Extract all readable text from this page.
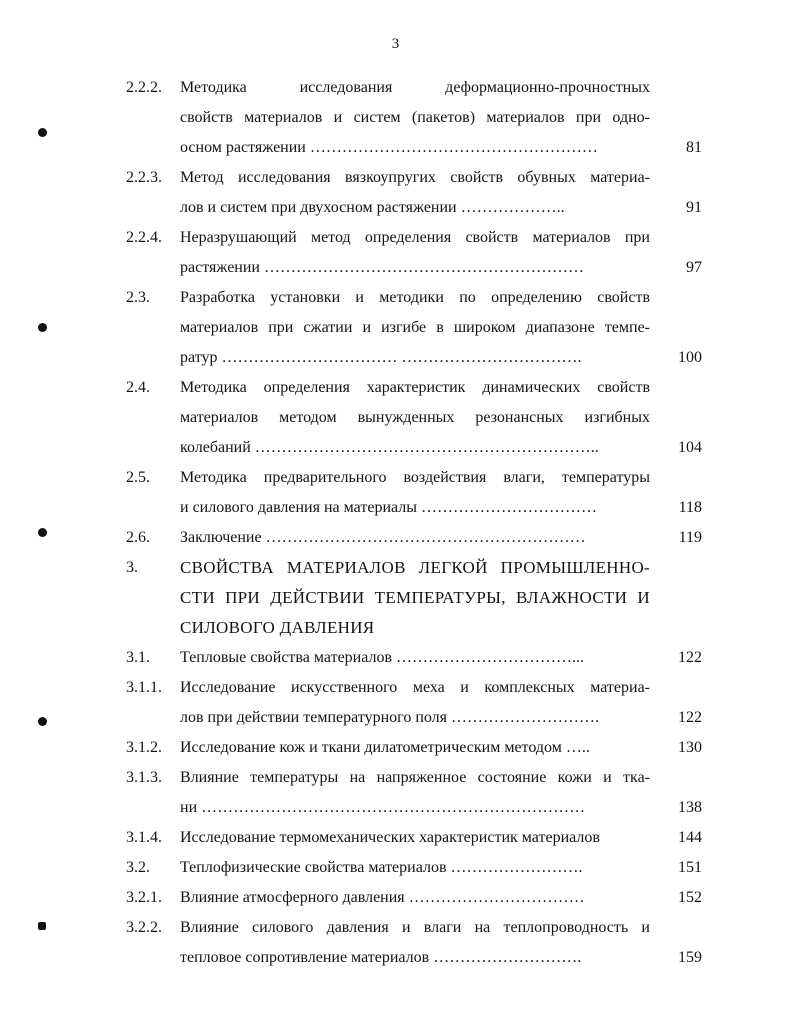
3
2.2.2. Методика исследования деформационно-прочностных
свойств материалов и систем (пакетов) материалов при одно-
осном растяжении ………………………………………………	81
2.2.3. Метод исследования вязкоупругих свойств обувных материа-
лов и систем при двухосном растяжении ………………..	91
2.2.4. Неразрушающий метод определения свойств материалов при
растяжении ……………………………………………………	97
2.3. Разработка установки и методики по определению свойств
материалов при сжатии и изгибе в широком диапазоне темпе-
ратур …………………………… …………………………….	100
2.4. Методика определения характеристик динамических свойств
материалов методом вынужденных резонансных изгибных
колебаний ………………………………………………………..	104
2.5. Методика предварительного воздействия влаги, температуры
и силового давления на материалы ……………………………	118
2.6. Заключение ……………………………………………………	119
3. СВОЙСТВА МАТЕРИАЛОВ ЛЕГКОЙ ПРОМЫШЛЕННО-
СТИ ПРИ ДЕЙСТВИИ ТЕМПЕРАТУРЫ, ВЛАЖНОСТИ И
СИЛОВОГО ДАВЛЕНИЯ
3.1. Тепловые свойства материалов ……………………………...	122
3.1.1. Исследование искусственного меха и комплексных материа-
лов при действии температурного поля ……………………….	122
3.1.2. Исследование кож и ткани дилатометрическим методом …..	130
3.1.3. Влияние температуры на напряженное состояние кожи и тка-
ни ………………………………………………………………	138
3.1.4. Исследование термомеханических характеристик материалов	144
3.2. Теплофизические свойства материалов …………………….	151
3.2.1. Влияние атмосферного давления ……………………………	152
3.2.2. Влияние силового давления и влаги на теплопроводность и
тепловое сопротивление материалов ……………………….	159
